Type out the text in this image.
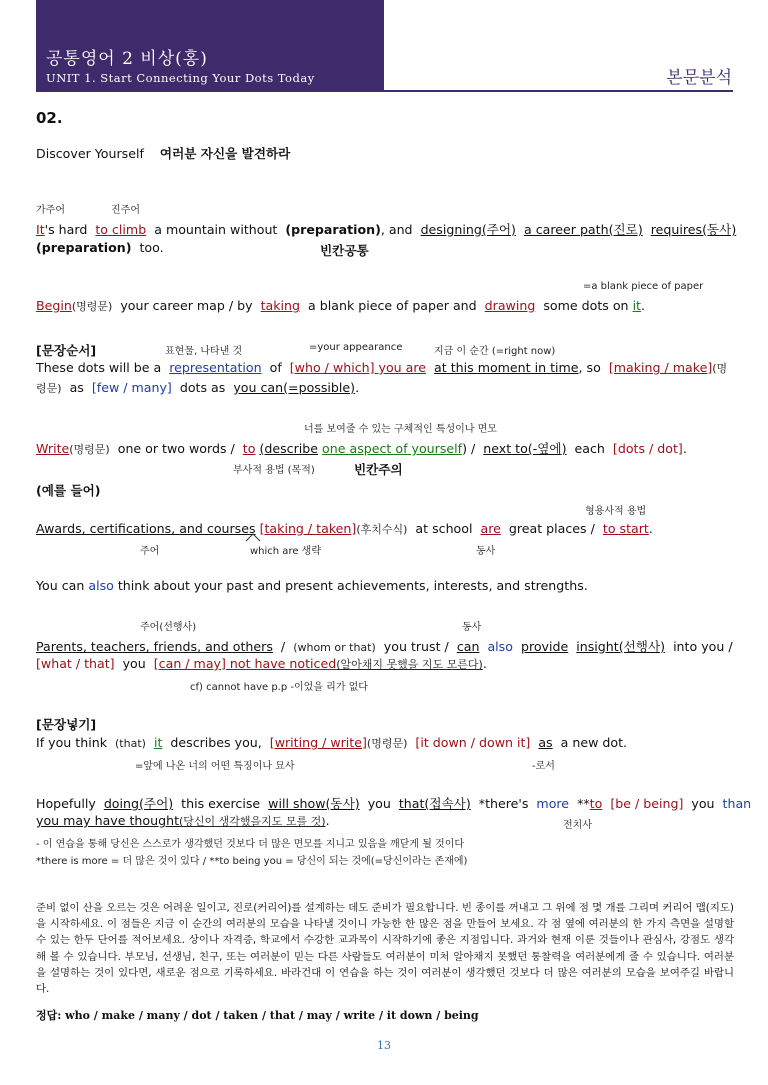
공통영어 2 비상(홍)
UNIT 1. Start Connecting Your Dots Today	본문분석
02.
Discover Yourself 여러분 자신을 발견하라
가주어	진주어
It's hard to climb a mountain without (preparation), and designing(주어) a career path(진로) requires(동사)
(preparation) too.	빈칸공통
=a blank piece of paper
Begin(명령문) your career map / by taking a blank piece of paper and drawing some dots on it.
[문장순서]	표현물, 나타낸 것	=your appearance	지금 이 순간 (=right now)
These dots will be a representation of [who / which] you are at this moment in time, so [making / make](명
령문) as [few / many] dots as you can(=possible).
너를 보여줄 수 있는 구체적인 특성이나 면모
Write(명령문) one or two words / to (describe one aspect of yourself) / next to(-옆에) each [dots / dot].
부사적 용법 (목적)	빈칸주의
(예를 들어)
형용사적 용법
Awards, certifications, and courses [taking / taken](후치수식) at school are great places / to start.
주어	which are 생략	동사
You can also think about your past and present achievements, interests, and strengths.
주어(선행사)	동사
Parents, teachers, friends, and others / (whom or that) you trust / can also provide insight(선행사) into you /
[what / that] you [can / may] not have noticed(알아채지 못했을 지도 모른다).
cf) cannot have p.p -이었을 리가 없다
[문장넣기]
If you think (that) it describes you, [writing / write](명령문) [it down / down it] as a new dot.
=앞에 나온 너의 어떤 특징이나 묘사	-로서
Hopefully doing(주어) this exercise will show(동사) you that(접속사) *there's more **to [be / being] you than
you may have thought(당신이 생각했을지도 모를 것).	전치사
- 이 연습을 통해 당신은 스스로가 생각했던 것보다 더 많은 면모를 지니고 있음을 깨닫게 될 것이다
*there is more = 더 많은 것이 있다 / **to being you = 당신이 되는 것에(=당신이라는 존재에)
준비 없이 산을 오르는 것은 어려운 일이고, 진로(커리어)를 설계하는 데도 준비가 필요합니다. 빈 종이를 꺼내고 그 위에 점 몇 개를 그리며 커리어 맵(지도)을 시작하세요. 이 점들은 지금 이 순간의 여러분의 모습을 나타낼 것이니 가능한 한 많은 점을 만들어 보세요. 각 점 옆에 여러분의 한 가지 측면을 설명할 수 있는 한두 단어를 적어보세요. 상이나 자격증, 학교에서 수강한 교과목이 시작하기에 좋은 지점입니다. 과거와 현재 이룬 것들이나 관심사, 강점도 생각해 볼 수 있습니다. 부모님, 선생님, 친구, 또는 여러분이 믿는 다른 사람들도 여러분이 미처 알아채지 못했던 통찰력을 여러분에게 줄 수 있습니다. 여러분을 설명하는 것이 있다면, 새로운 점으로 기록하세요. 바라건대 이 연습을 하는 것이 여러분이 생각했던 것보다 더 많은 여러분의 모습을 보여주길 바랍니다.
정답: who / make / many / dot / taken / that / may / write / it down / being
13
